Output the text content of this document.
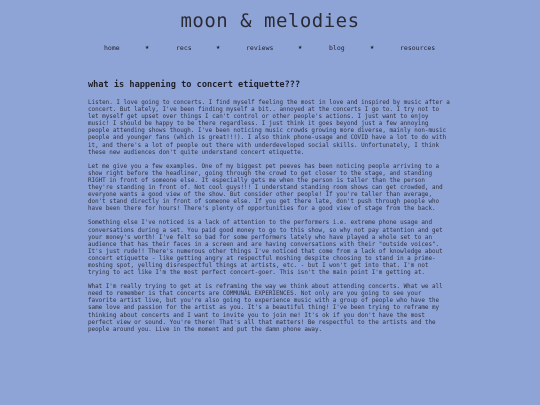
moon & melodies
home	★	recs	★	reviews	★	blog	★	resources
what is happening to concert etiquette???

Listen. I love going to concerts. I find myself feeling the most in love and inspired by music after a concert. But lately, I've been finding myself a bit.. annoyed at the concerts I go to. I try not to let myself get upset over things I can't control or other people's actions. I just want to enjoy music! I should be happy to be there regardless. I just think it goes beyond just a few annoying people attending shows though. I've been noticing music crowds growing more diverse, mainly non-music people and younger fans (which is great!!!). I also think phone-usage and COVID have a lot to do with it, and there's a lot of people out there with underdeveloped social skills. Unfortunately, I think these new audiences don't quite understand concert etiquette.

Let me give you a few examples. One of my biggest pet peeves has been noticing people arriving to a show right before the headliner, going through the crowd to get closer to the stage, and standing RIGHT in front of someone else. It especially gets me when the person is taller than the person they're standing in front of. Not cool guys!!! I understand standing room shows can get crowded, and everyone wants a good view of the show. But consider other people! If you're taller than average, don't stand directly in front of someone else. If you get there late, don't push through people who have been there for hours! There's plenty of opportunities for a good view of stage from the back.

Something else I've noticed is a lack of attention to the performers i.e. extreme phone usage and conversations during a set. You paid good money to go to this show, so why not pay attention and get your money's worth! I've felt so bad for some performers lately who have played a whole set to an audience that has their faces in a screen and are having conversations with their "outside voices". It's just rude!! There's numerous other things I've noticed that come from a lack of knowledge about concert etiquette - like getting angry at respectful moshing despite choosing to stand in a prime-moshing spot, yelling disrespectful things at artists, etc. - but I won't get into that. I'm not trying to act like I'm the most perfect concert-goer. This isn't the main point I'm getting at.

What I'm really trying to get at is reframing the way we think about attending concerts. What we all need to remember is that concerts are COMMUNAL EXPERIENCES. Not only are you going to see your favorite artist live, but you're also going to experience music with a group of people who have the same love and passion for the artist as you. It's a beautiful thing! I've been trying to reframe my thinking about concerts and I want to invite you to join me! It's ok if you don't have the most perfect view or sound. You're there! That's all that matters! Be respectful to the artists and the people around you. Live in the moment and put the damn phone away.
